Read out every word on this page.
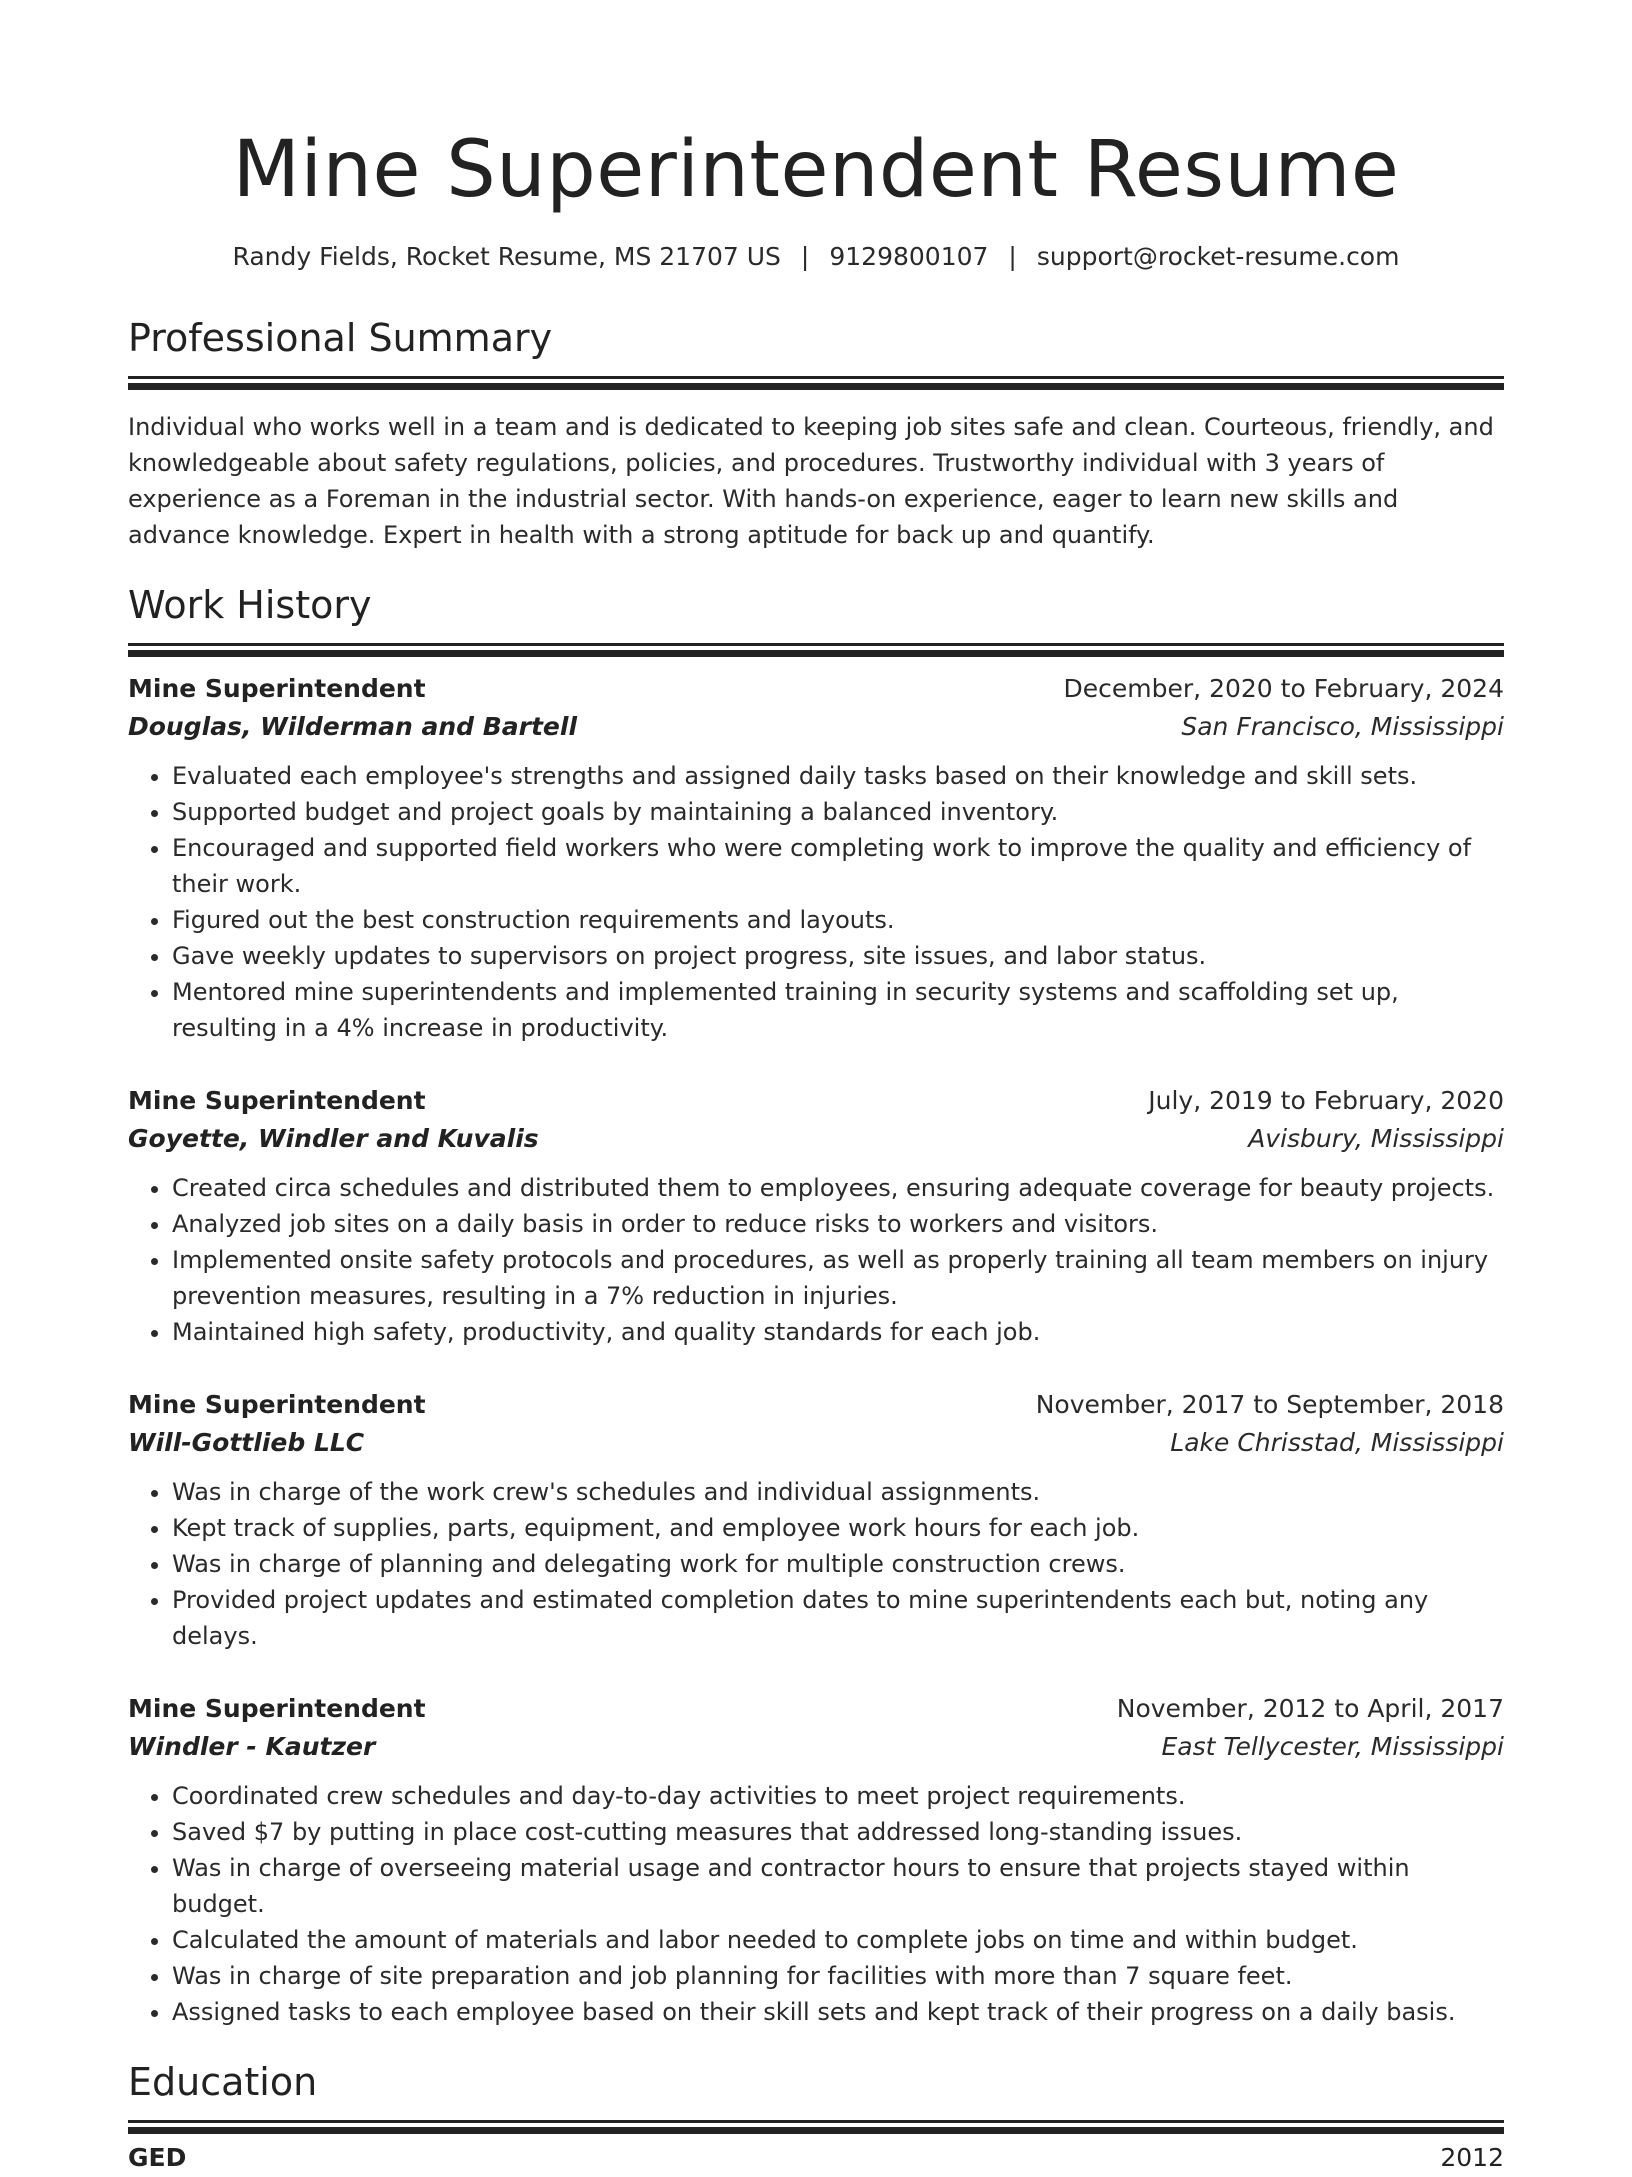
Mine Superintendent Resume
Randy Fields, Rocket Resume, MS 21707 US | 9129800107 | support@rocket-resume.com
Professional Summary

Individual who works well in a team and is dedicated to keeping job sites safe and clean. Courteous, friendly, and knowledgeable about safety regulations, policies, and procedures. Trustworthy individual with 3 years of experience as a Foreman in the industrial sector. With hands-on experience, eager to learn new skills and advance knowledge. Expert in health with a strong aptitude for back up and quantify.

Work History
Mine Superintendent	December, 2020 to February, 2024
Douglas, Wilderman and Bartell	San Francisco, Mississippi
• Evaluated each employee's strengths and assigned daily tasks based on their knowledge and skill sets.
• Supported budget and project goals by maintaining a balanced inventory.
• Encouraged and supported field workers who were completing work to improve the quality and efficiency of their work.
• Figured out the best construction requirements and layouts.
• Gave weekly updates to supervisors on project progress, site issues, and labor status.
• Mentored mine superintendents and implemented training in security systems and scaffolding set up, resulting in a 4% increase in productivity.
Mine Superintendent	July, 2019 to February, 2020
Goyette, Windler and Kuvalis	Avisbury, Mississippi
• Created circa schedules and distributed them to employees, ensuring adequate coverage for beauty projects.
• Analyzed job sites on a daily basis in order to reduce risks to workers and visitors.
• Implemented onsite safety protocols and procedures, as well as properly training all team members on injury prevention measures, resulting in a 7% reduction in injuries.
• Maintained high safety, productivity, and quality standards for each job.
Mine Superintendent	November, 2017 to September, 2018
Will-Gottlieb LLC	Lake Chrisstad, Mississippi
• Was in charge of the work crew's schedules and individual assignments.
• Kept track of supplies, parts, equipment, and employee work hours for each job.
• Was in charge of planning and delegating work for multiple construction crews.
• Provided project updates and estimated completion dates to mine superintendents each but, noting any delays.
Mine Superintendent	November, 2012 to April, 2017
Windler - Kautzer	East Tellycester, Mississippi
• Coordinated crew schedules and day-to-day activities to meet project requirements.
• Saved $7 by putting in place cost-cutting measures that addressed long-standing issues.
• Was in charge of overseeing material usage and contractor hours to ensure that projects stayed within budget.
• Calculated the amount of materials and labor needed to complete jobs on time and within budget.
• Was in charge of site preparation and job planning for facilities with more than 7 square feet.
• Assigned tasks to each employee based on their skill sets and kept track of their progress on a daily basis.
Education
GED	2012
